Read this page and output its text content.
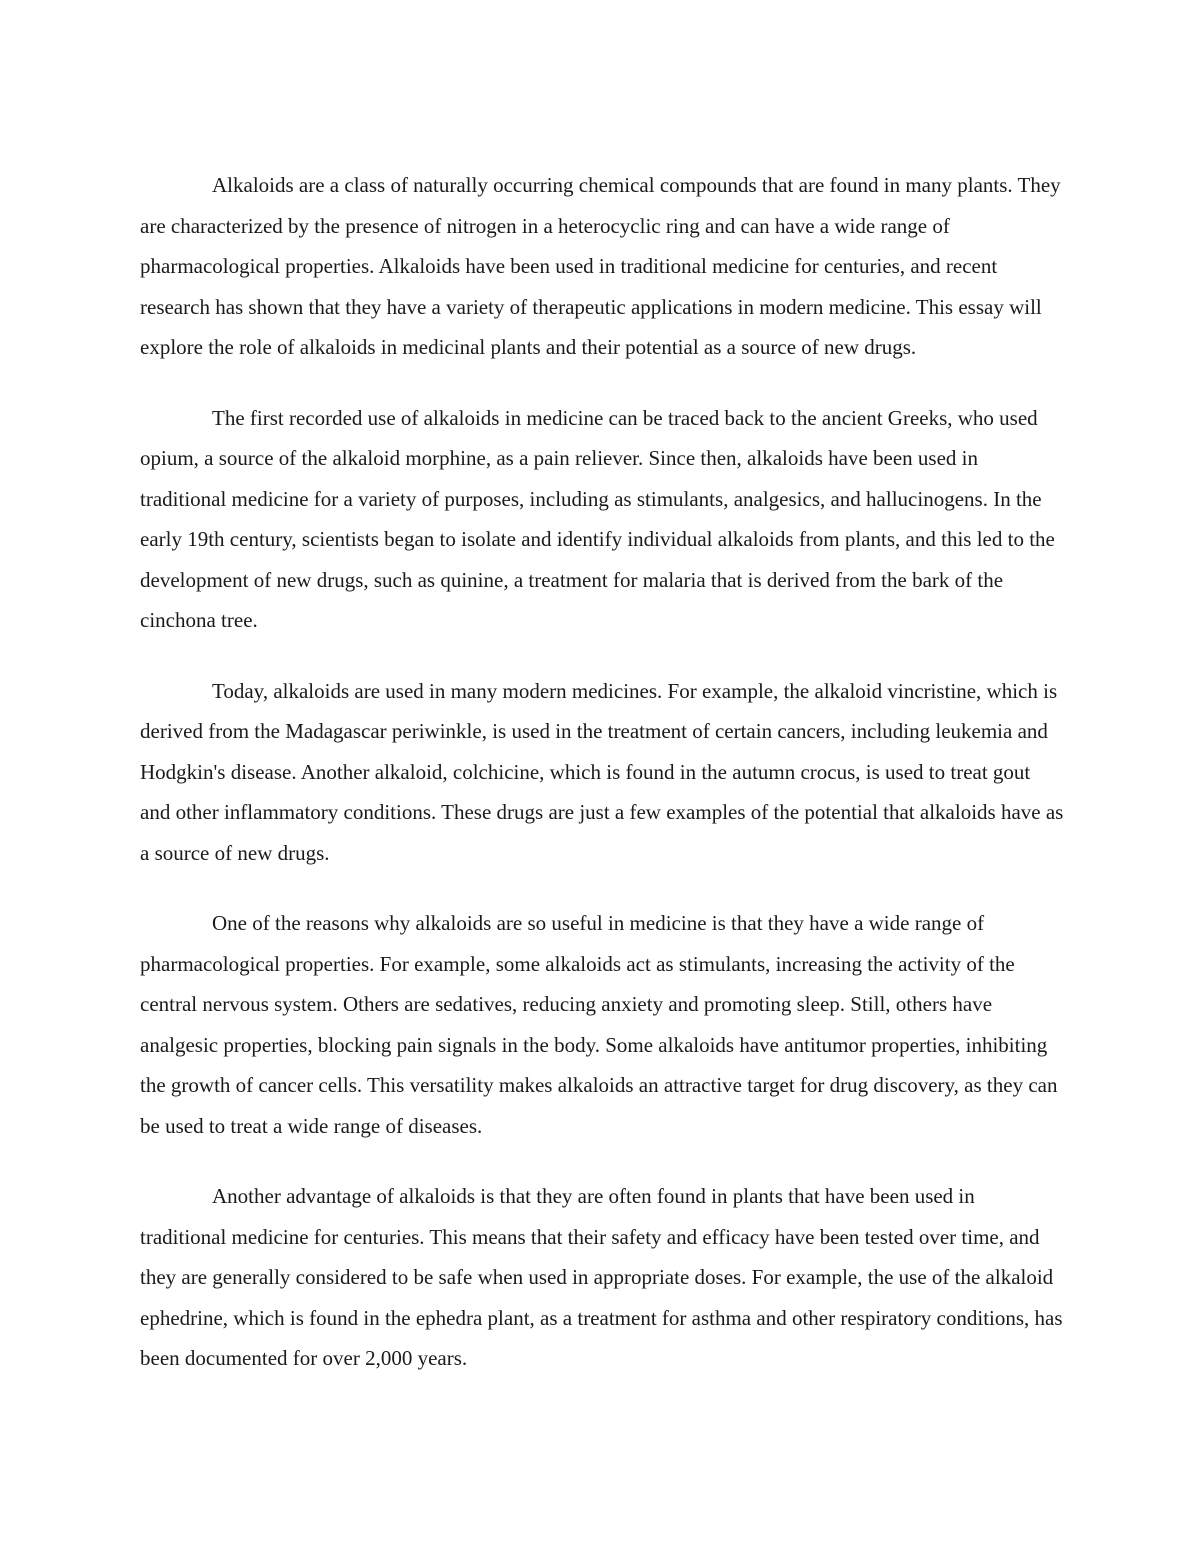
Alkaloids are a class of naturally occurring chemical compounds that are found in many plants. They are characterized by the presence of nitrogen in a heterocyclic ring and can have a wide range of pharmacological properties. Alkaloids have been used in traditional medicine for centuries, and recent research has shown that they have a variety of therapeutic applications in modern medicine. This essay will explore the role of alkaloids in medicinal plants and their potential as a source of new drugs.

The first recorded use of alkaloids in medicine can be traced back to the ancient Greeks, who used opium, a source of the alkaloid morphine, as a pain reliever. Since then, alkaloids have been used in traditional medicine for a variety of purposes, including as stimulants, analgesics, and hallucinogens. In the early 19th century, scientists began to isolate and identify individual alkaloids from plants, and this led to the development of new drugs, such as quinine, a treatment for malaria that is derived from the bark of the cinchona tree.

Today, alkaloids are used in many modern medicines. For example, the alkaloid vincristine, which is derived from the Madagascar periwinkle, is used in the treatment of certain cancers, including leukemia and Hodgkin's disease. Another alkaloid, colchicine, which is found in the autumn crocus, is used to treat gout and other inflammatory conditions. These drugs are just a few examples of the potential that alkaloids have as a source of new drugs.

One of the reasons why alkaloids are so useful in medicine is that they have a wide range of pharmacological properties. For example, some alkaloids act as stimulants, increasing the activity of the central nervous system. Others are sedatives, reducing anxiety and promoting sleep. Still, others have analgesic properties, blocking pain signals in the body. Some alkaloids have antitumor properties, inhibiting the growth of cancer cells. This versatility makes alkaloids an attractive target for drug discovery, as they can be used to treat a wide range of diseases.

Another advantage of alkaloids is that they are often found in plants that have been used in traditional medicine for centuries. This means that their safety and efficacy have been tested over time, and they are generally considered to be safe when used in appropriate doses. For example, the use of the alkaloid ephedrine, which is found in the ephedra plant, as a treatment for asthma and other respiratory conditions, has been documented for over 2,000 years.
